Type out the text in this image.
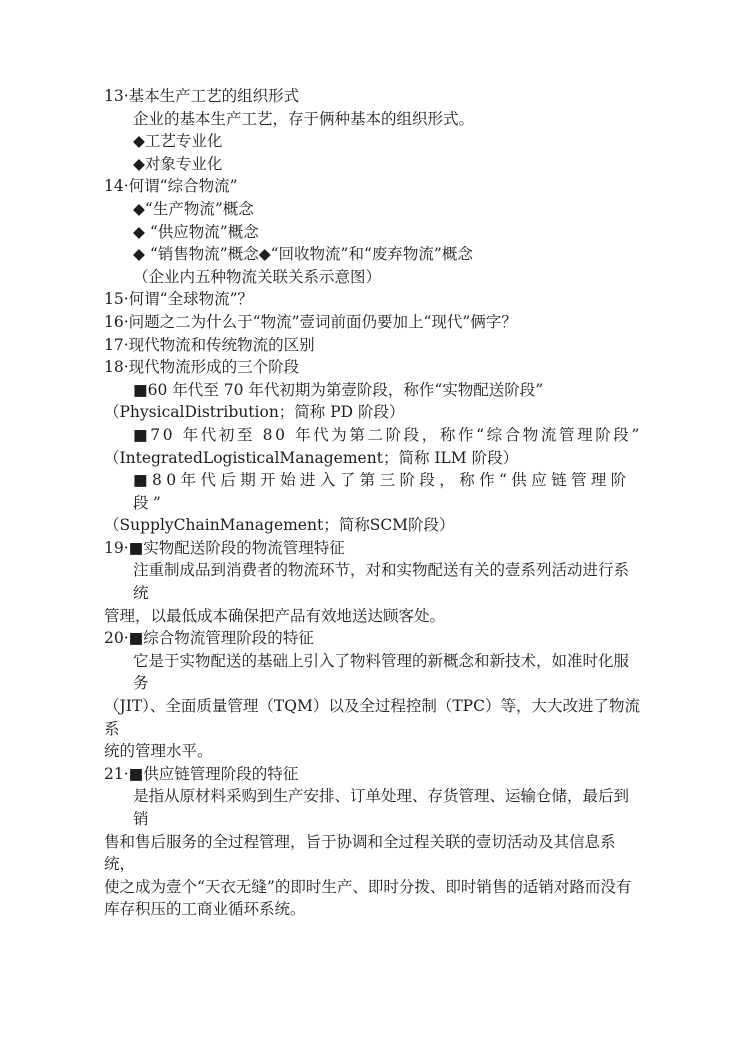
13·基本生产工艺的组织形式
企业的基本生产工艺，存于俩种基本的组织形式。
◆工艺专业化
◆对象专业化
14·何谓“综合物流”
◆“生产物流”概念
◆ “供应物流”概念
◆ “销售物流”概念◆“回收物流”和“废弃物流”概念
（企业内五种物流关联关系示意图）
15·何谓“全球物流”？
16·问题之二为什么于“物流”壹词前面仍要加上“现代”俩字？
17·现代物流和传统物流的区别
18·现代物流形成的三个阶段
■60 年代至 70 年代初期为第壹阶段，称作“实物配送阶段”
（PhysicalDistribution；简称 PD 阶段）
■70 年代初至 80 年代为第二阶段，称作“综合物流管理阶段”
（IntegratedLogisticalManagement；简称 ILM 阶段）
■80年代后期开始进入了第三阶段，称作“供应链管理阶段”
（SupplyChainManagement；简称SCM阶段）
19·■实物配送阶段的物流管理特征
注重制成品到消费者的物流环节，对和实物配送有关的壹系列活动进行系统
管理，以最低成本确保把产品有效地送达顾客处。
20·■综合物流管理阶段的特征
它是于实物配送的基础上引入了物料管理的新概念和新技术，如准时化服务
（JIT）、全面质量管理（TQM）以及全过程控制（TPC）等，大大改进了物流系
统的管理水平。
21·■供应链管理阶段的特征
是指从原材料采购到生产安排、订单处理、存货管理、运输仓储，最后到销
售和售后服务的全过程管理，旨于协调和全过程关联的壹切活动及其信息系统，
使之成为壹个“天衣无缝”的即时生产、即时分拨、即时销售的适销对路而没有
库存积压的工商业循环系统。
